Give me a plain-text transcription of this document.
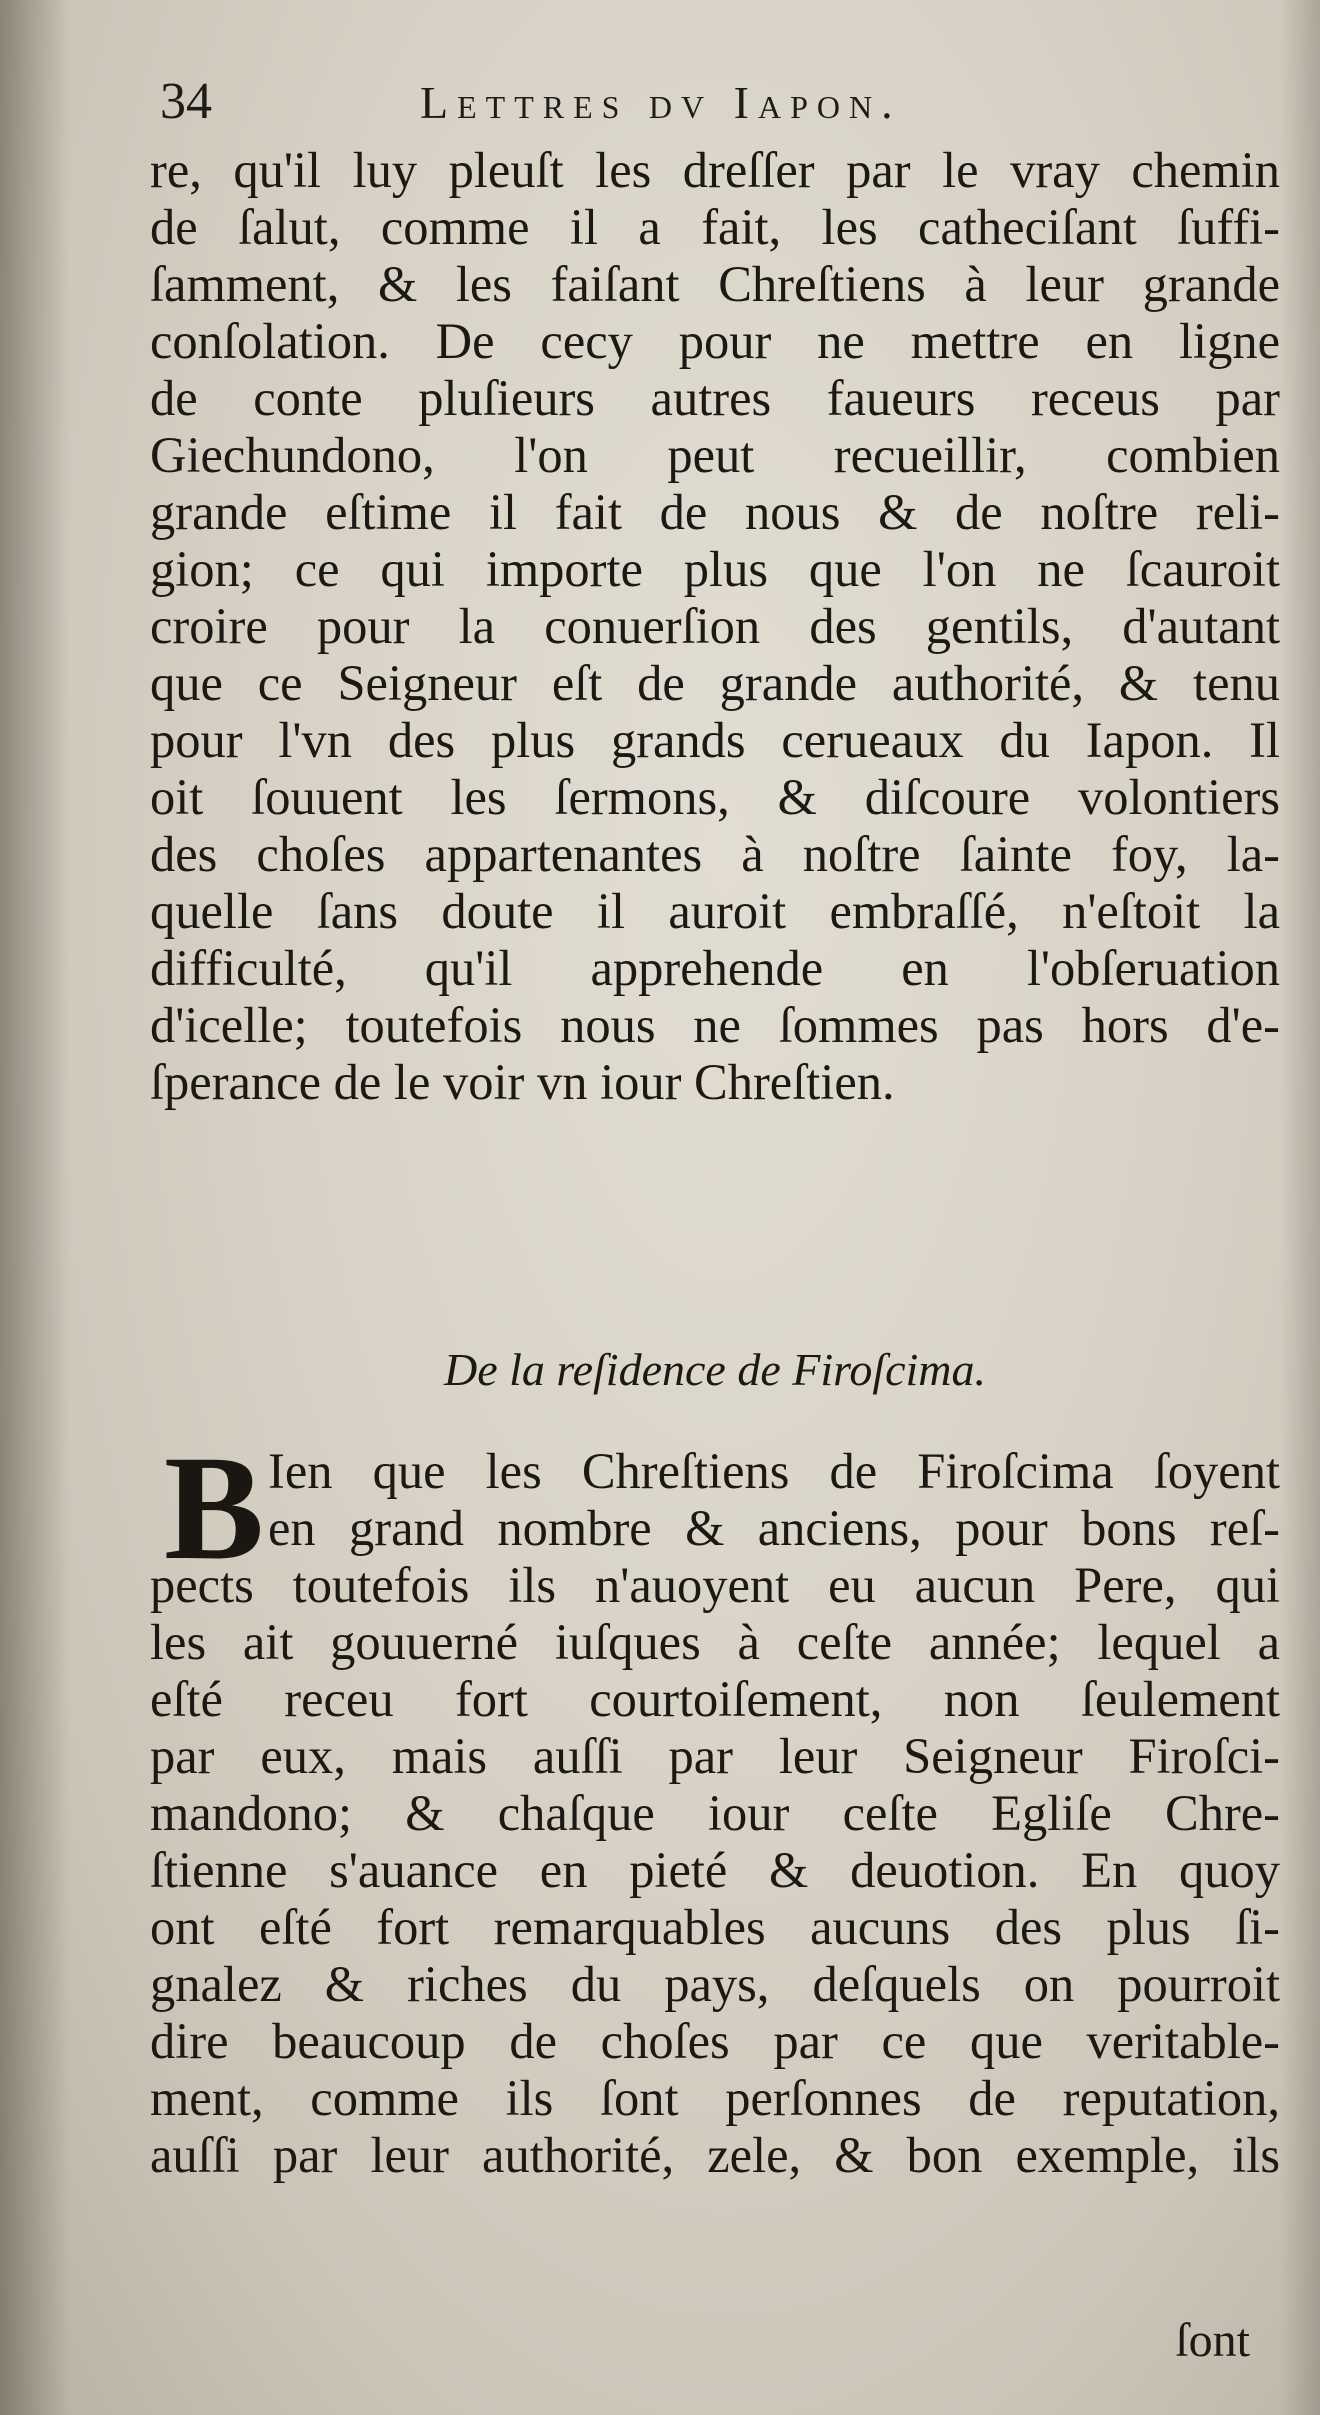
34	Lettres dv Iapon.
re, qu'il luy pleuſt les dreſſer par le vray chemin
de ſalut, comme il a fait, les catheciſant ſuffi-
ſamment, & les faiſant Chreſtiens à leur grande
conſolation. De cecy pour ne mettre en ligne
de conte pluſieurs autres faueurs receus par
Giechundono, l'on peut recueillir, combien
grande eſtime il fait de nous & de noſtre reli-
gion; ce qui importe plus que l'on ne ſcauroit
croire pour la conuerſion des gentils, d'autant
que ce Seigneur eſt de grande authorité, & tenu
pour l'vn des plus grands cerueaux du Iapon. Il
oit ſouuent les ſermons, & diſcoure volontiers
des choſes appartenantes à noſtre ſainte foy, la-
quelle ſans doute il auroit embraſſé, n'eſtoit la
difficulté, qu'il apprehende en l'obſeruation
d'icelle; toutefois nous ne ſommes pas hors d'e-
ſperance de le voir vn iour Chreſtien.
De la reſidence de Firoſcima.
B Ien que les Chreſtiens de Firoſcima ſoyent
en grand nombre & anciens, pour bons reſ-
pects toutefois ils n'auoyent eu aucun Pere, qui
les ait gouuerné iuſques à ceſte année; lequel a
eſté receu fort courtoiſement, non ſeulement
par eux, mais auſſi par leur Seigneur Firoſci-
mandono; & chaſque iour ceſte Egliſe Chre-
ſtienne s'auance en pieté & deuotion. En quoy
ont eſté fort remarquables aucuns des plus ſi-
gnalez & riches du pays, deſquels on pourroit
dire beaucoup de choſes par ce que veritable-
ment, comme ils ſont perſonnes de reputation,
auſſi par leur authorité, zele, & bon exemple, ils
ſont
